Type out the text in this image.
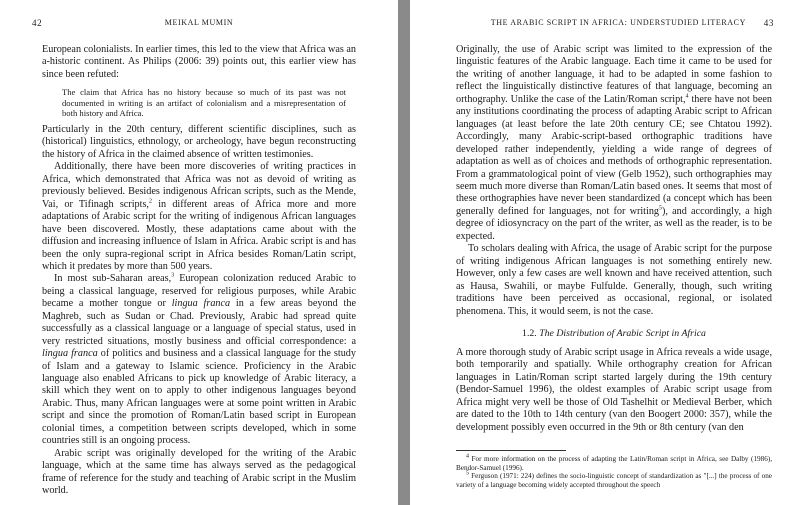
42	MEIKAL MUMIN

European colonialists. In earlier times, this led to the view that Africa was an a-historic continent. As Philips (2006: 39) points out, this earlier view has since been refuted:

The claim that Africa has no history because so much of its past was not documented in writing is an artifact of colonialism and a misrepresentation of both history and Africa.

Particularly in the 20th century, different scientific disciplines, such as (historical) linguistics, ethnology, or archeology, have begun reconstructing the history of Africa in the claimed absence of written testimonies.

Additionally, there have been more discoveries of writing practices in Africa, which demonstrated that Africa was not as devoid of writing as previously believed. Besides indigenous African scripts, such as the Mende, Vai, or Tifinagh scripts,$^2$ in different areas of Africa more and more adaptations of Arabic script for the writing of indigenous African languages have been discovered. Mostly, these adaptations came about with the diffusion and increasing influence of Islam in Africa. Arabic script is and has been the only supra-regional script in Africa besides Roman/Latin script, which it predates by more than 500 years.

In most sub-Saharan areas,$^3$ European colonization reduced Arabic to being a classical language, reserved for religious purposes, while Arabic became a mother tongue or lingua franca in a few areas beyond the Maghreb, such as Sudan or Chad. Previously, Arabic had spread quite successfully as a classical language or a language of special status, used in very restricted situations, mostly business and official correspondence: a lingua franca of politics and business and a classical language for the study of Islam and a gateway to Islamic science. Proficiency in the Arabic language also enabled Africans to pick up knowledge of Arabic literacy, a skill which they went on to apply to other indigenous languages beyond Arabic. Thus, many African languages were at some point written in Arabic script and since the promotion of Roman/Latin based script in European colonial times, a competition between scripts developed, which in some countries still is an ongoing process.

Arabic script was originally developed for the writing of the Arabic language, which at the same time has always served as the pedagogical frame of reference for the study and teaching of Arabic script in the Muslim world.

THE ARABIC SCRIPT IN AFRICA: UNDERSTUDIED LITERACY 43

Originally, the use of Arabic script was limited to the expression of the linguistic features of the Arabic language. Each time it came to be used for the writing of another language, it had to be adapted in some fashion to reflect the linguistically distinctive features of that language, becoming an orthography. Unlike the case of the Latin/Roman script,$^4$ there have not been any institutions coordinating the process of adapting Arabic script to African languages (at least before the late 20th century CE; see Chtatou 1992). Accordingly, many Arabic-script-based orthographic traditions have developed rather independently, yielding a wide range of degrees of adaptation as well as of choices and methods of orthographic representation. From a grammatological point of view (Gelb 1952), such orthographies may seem much more diverse than Roman/Latin based ones. It seems that most of these orthographies have never been standardized (a concept which has been generally defined for languages, not for writing$^5$), and accordingly, a high degree of idiosyncracy on the part of the writer, as well as the reader, is to be expected.

To scholars dealing with Africa, the usage of Arabic script for the purpose of writing indigenous African languages is not something entirely new. However, only a few cases are well known and have received attention, such as Hausa, Swahili, or maybe Fulfulde. Generally, though, such writing traditions have been perceived as occasional, regional, or isolated phenomena. This, it would seem, is not the case.

1.2. The Distribution of Arabic Script in Africa

A more thorough study of Arabic script usage in Africa reveals a wide usage, both temporarily and spatially. While orthography creation for African languages in Latin/Roman script started largely during the 19th century (Bendor-Samuel 1996), the oldest examples of Arabic script usage from Africa might very well be those of Old Tashelhit or Medieval Berber, which are dated to the 10th to 14th century (van den Boogert 2000: 357), while the development possibly even occurred in the 9th or 8th century (van den

$^4$ For more information on the process of adapting the Latin/Roman script in Africa, see Dalby (1986), Bendor-Samuel (1996).

$^5$ Ferguson (1971: 224) defines the socio-linguistic concept of standardization as "[...] the process of one variety of a language becoming widely accepted throughout the speech
